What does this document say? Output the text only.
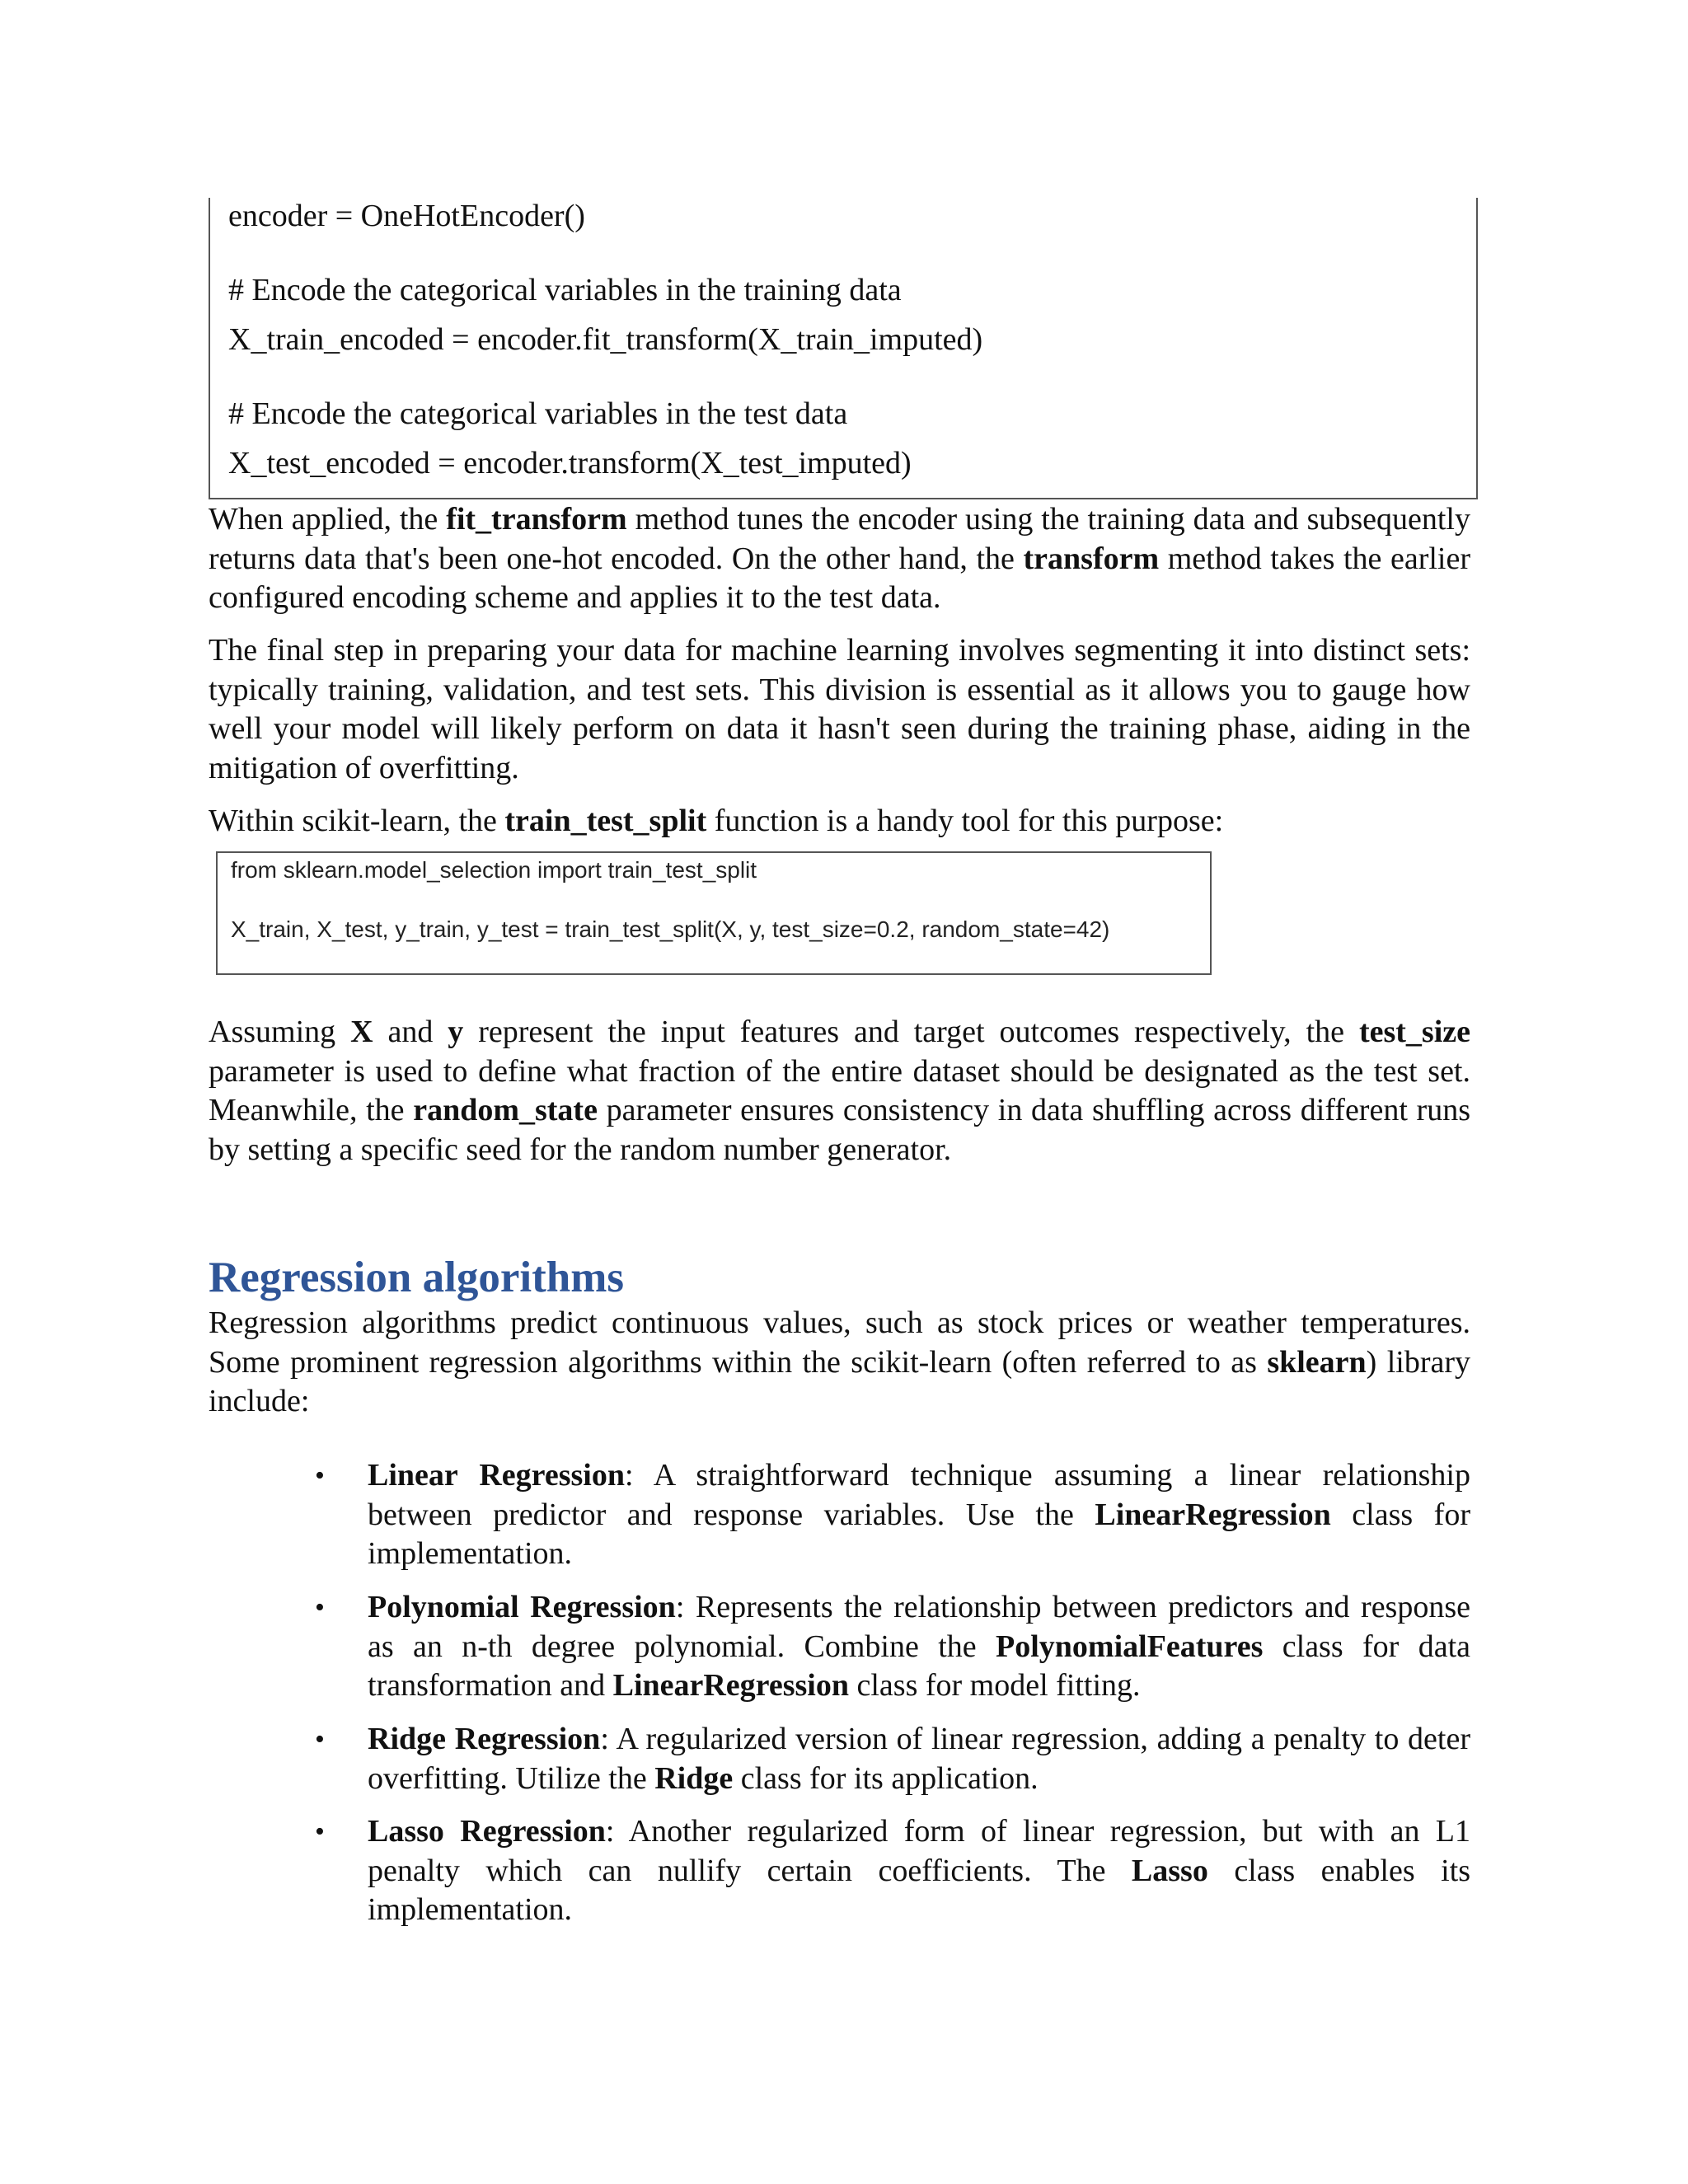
encoder = OneHotEncoder()
# Encode the categorical variables in the training data
X_train_encoded = encoder.fit_transform(X_train_imputed)
# Encode the categorical variables in the test data
X_test_encoded = encoder.transform(X_test_imputed)

When applied, the fit_transform method tunes the encoder using the training data and subsequently returns data that's been one-hot encoded. On the other hand, the transform method takes the earlier configured encoding scheme and applies it to the test data.

The final step in preparing your data for machine learning involves segmenting it into distinct sets: typically training, validation, and test sets. This division is essential as it allows you to gauge how well your model will likely perform on data it hasn't seen during the training phase, aiding in the mitigation of overfitting.

Within scikit-learn, the train_test_split function is a handy tool for this purpose:

from sklearn.model_selection import train_test_split
X_train, X_test, y_train, y_test = train_test_split(X, y, test_size=0.2, random_state=42)

Assuming X and y represent the input features and target outcomes respectively, the test_size parameter is used to define what fraction of the entire dataset should be designated as the test set. Meanwhile, the random_state parameter ensures consistency in data shuffling across different runs by setting a specific seed for the random number generator.

Regression algorithms

Regression algorithms predict continuous values, such as stock prices or weather temperatures. Some prominent regression algorithms within the scikit-learn (often referred to as sklearn) library include:

• Linear Regression: A straightforward technique assuming a linear relationship between predictor and response variables. Use the LinearRegression class for implementation.

• Polynomial Regression: Represents the relationship between predictors and response as an n-th degree polynomial. Combine the PolynomialFeatures class for data transformation and LinearRegression class for model fitting.

• Ridge Regression: A regularized version of linear regression, adding a penalty to deter overfitting. Utilize the Ridge class for its application.

• Lasso Regression: Another regularized form of linear regression, but with an L1 penalty which can nullify certain coefficients. The Lasso class enables its implementation.
